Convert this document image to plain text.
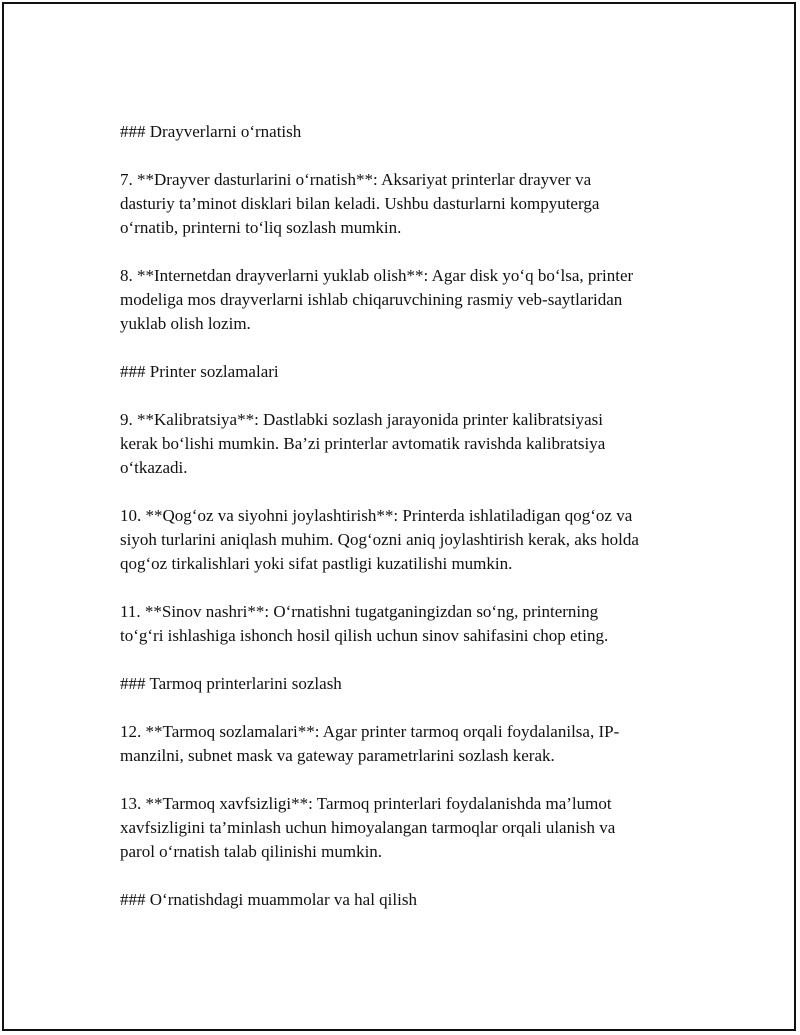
### Drayverlarni o‘rnatish

7. **Drayver dasturlarini o‘rnatish**: Aksariyat printerlar drayver va
dasturiy ta’minot disklari bilan keladi. Ushbu dasturlarni kompyuterga
o‘rnatib, printerni to‘liq sozlash mumkin.

8. **Internetdan drayverlarni yuklab olish**: Agar disk yo‘q bo‘lsa, printer
modeliga mos drayverlarni ishlab chiqaruvchining rasmiy veb-saytlaridan
yuklab olish lozim.

### Printer sozlamalari

9. **Kalibratsiya**: Dastlabki sozlash jarayonida printer kalibratsiyasi
kerak bo‘lishi mumkin. Ba’zi printerlar avtomatik ravishda kalibratsiya
o‘tkazadi.

10. **Qog‘oz va siyohni joylashtirish**: Printerda ishlatiladigan qog‘oz va
siyoh turlarini aniqlash muhim. Qog‘ozni aniq joylashtirish kerak, aks holda
qog‘oz tirkalishlari yoki sifat pastligi kuzatilishi mumkin.

11. **Sinov nashri**: O‘rnatishni tugatganingizdan so‘ng, printerning
to‘g‘ri ishlashiga ishonch hosil qilish uchun sinov sahifasini chop eting.

### Tarmoq printerlarini sozlash

12. **Tarmoq sozlamalari**: Agar printer tarmoq orqali foydalanilsa, IP-
manzilni, subnet mask va gateway parametrlarini sozlash kerak.

13. **Tarmoq xavfsizligi**: Tarmoq printerlari foydalanishda ma’lumot
xavfsizligini ta’minlash uchun himoyalangan tarmoqlar orqali ulanish va
parol o‘rnatish talab qilinishi mumkin.

### O‘rnatishdagi muammolar va hal qilish
